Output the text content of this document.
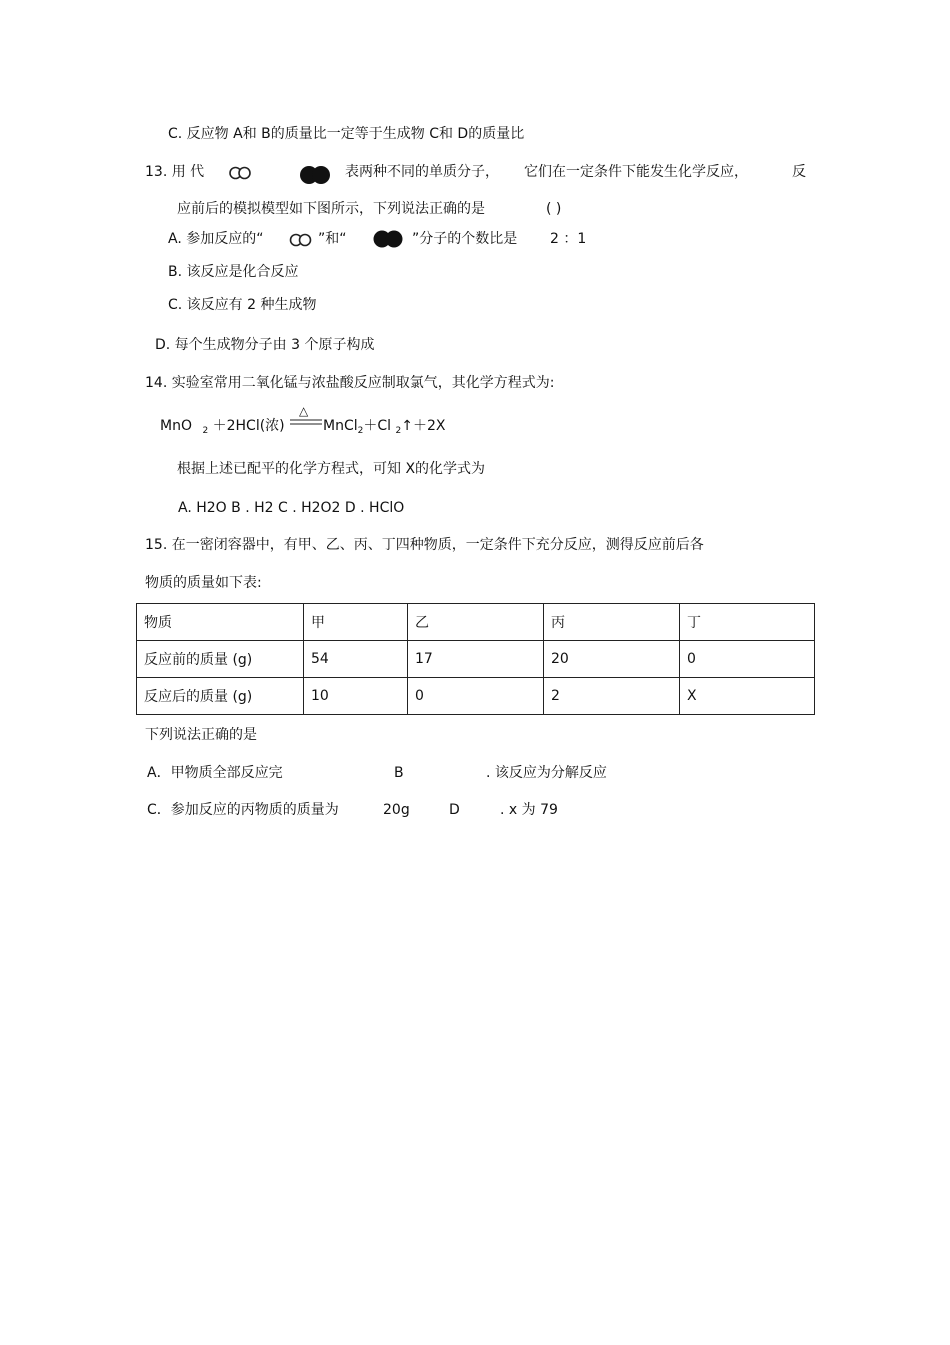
C. 反应物 A和 B的质量比一定等于生成物 C和 D的质量比
13. 用 代	表两种不同的单质分子， 它们在一定条件下能发生化学反应，	反
应前后的模拟模型如下图所示，下列说法正确的是	( )
A. 参加反应的“	”和“	”分子的个数比是 2 ：1
B. 该反应是化合反应
C. 该反应有 2 种生成物
D. 每个生成物分子由 3 个原子构成
14. 实验室常用二氧化锰与浓盐酸反应制取氯气，其化学方程式为:
MnO $_2$ ＋2HCl(浓)
△
MnCl$_2$＋Cl $_2$↑＋2X
根据上述已配平的化学方程式，可知 X的化学式为
A. H2O B . H2 C . H2O2 D . HClO
15. 在一密闭容器中，有甲、乙、丙、丁四种物质，一定条件下充分反应，测得反应前后各
物质的质量如下表:
物质	甲	乙	丙	丁
反应前的质量 (g)	54	17	20	0
反应后的质量 (g)	10	0	2	X
下列说法正确的是
A．甲物质全部反应完	B	. 该反应为分解反应
C．参加反应的丙物质的质量为	20g	D	. x 为 79
